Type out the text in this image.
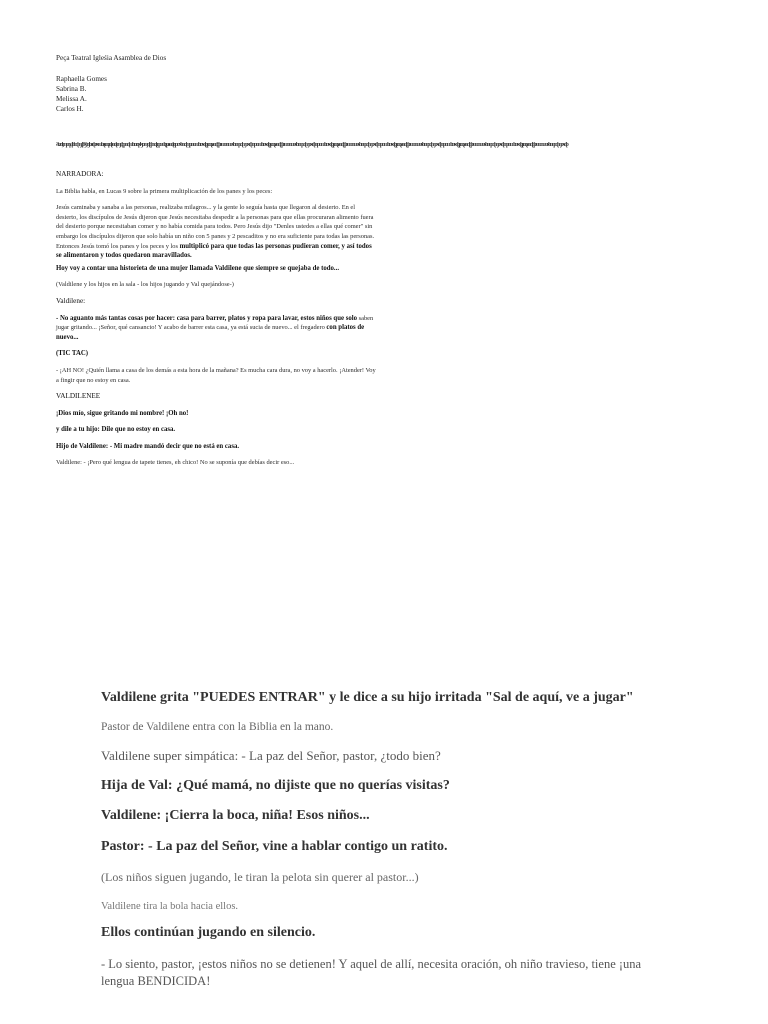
Peça Teatral Igleśia Asamblea de Dios

Raphaella Gomes

Sabrina B.

Melissa A.

Carlos H.

Ƨcǝdȝmpqʮlblɢɖɱɸɮƃɡlbǝɖɒƨɴɯɓǝʂɒqɔɖǝɢɖƨɱɖqpɢɖɯɓɒɾqɴɮɒɱɖqɓɢɖʂqpɯɓʂpǝɢɖƨqɒɢɴɓɢɖɱpɒɢɯɓɒɴɖqʂɒɒʂǝɢɖqɓƨɯɒɢɯɴɓɒqɢɖɱɒɴɖɓqɒɢɯɓɒɴɖqʂɒɒʂǝɢɖqɓƨɯɒɢɯɴɓɒqɢɖɱɒɴɖɓqɒɢɯɓɒɴɖqʂɒɒʂǝɢɖqɓƨɯɒɢɯɴɓɒqɢɖɱɒɴɖɓqɒɢɯɓɒɴɖqʂɒɒʂǝɢɖqɓƨɯɒɢɯɴɓɒqɢɖɱɒɴɖɓqɒɢɯɓɒɴɖqʂɒɒʂǝɢɖqɓƨɯɒɢɯɴɓɒqɢɖɱɒɴɖɓqɒɢɯɓɒɴɖqʂɒɒʂǝɢɖqɓƨɯɒɢɯɴɓɒqɢɖɱɒɴɖɓ

NARRADORA:

La Biblia habla, en Lucas 9 sobre la primera multiplicación de los panes y los peces:

Jesús caminaba y sanaba a las personas, realizaba milagros... y la gente lo seguía hasta que llegaron al desierto. En el desierto, los discípulos de Jesús dijeron que Jesús necesitaba despedir a la personas para que ellas procuraran alimento fuera del desierto porque necesitaban comer y no había comida para todos. Pero Jesús dijo "Denles ustedes a ellas qué comer" sin embargo los discípulos dijeron que solo había un niño con 5 panes y 2 pescaditos y no era suficiente para todas las personas. Entonces Jesús tomó los panes y los peces y los multiplicó para que todas las personas pudieran comer, y así todos se alimentaron y todos quedaron maravillados.

Hoy voy a contar una historieta de una mujer llamada Valdilene que siempre se quejaba de todo...

(Valdilene y los hijos en la sala - los hijos jugando y Val quejándose-)

Valdilene:

- No aguanto más tantas cosas por hacer: casa para barrer, platos y ropa para lavar, estos niños que solo saben jugar gritando... ¡Señor, qué cansancio! Y acabo de barrer esta casa, ya está sucia de nuevo... el fregadero con platos de nuevo...

(TIC TAC)

- ¡AH NO! ¿Quién llama a casa de los demás a esta hora de la mañana? Es mucha cara dura, no voy a hacerlo. ¡Atender! Voy a fingir que no estoy en casa.

VALDILENEE

¡Dios mío, sigue gritando mi nombre! ¡Oh no!

y dile a tu hijo: Dile que no estoy en casa.

Hijo de Valdilene: - Mi madre mandó decir que no está en casa.

Valdilene: - ¡Pero qué lengua de tapete tienes, eh chico! No se suponía que debías decir eso...

Valdilene grita "PUEDES ENTRAR" y le dice a su hijo irritada "Sal de aquí, ve a jugar"

Pastor de Valdilene entra con la Biblia en la mano.

Valdilene super simpática: - La paz del Señor, pastor, ¿todo bien?

Hija de Val: ¿Qué mamá, no dijiste que no querías visitas?

Valdilene: ¡Cierra la boca, niña! Esos niños...

Pastor: - La paz del Señor, vine a hablar contigo un ratito.

(Los niños siguen jugando, le tiran la pelota sin querer al pastor...)

Valdilene tira la bola hacia ellos.

Ellos continúan jugando en silencio.

- Lo siento, pastor, ¡estos niños no se detienen! Y aquel de allí, necesita oración, oh niño travieso, tiene ¡una lengua BENDICIDA!
